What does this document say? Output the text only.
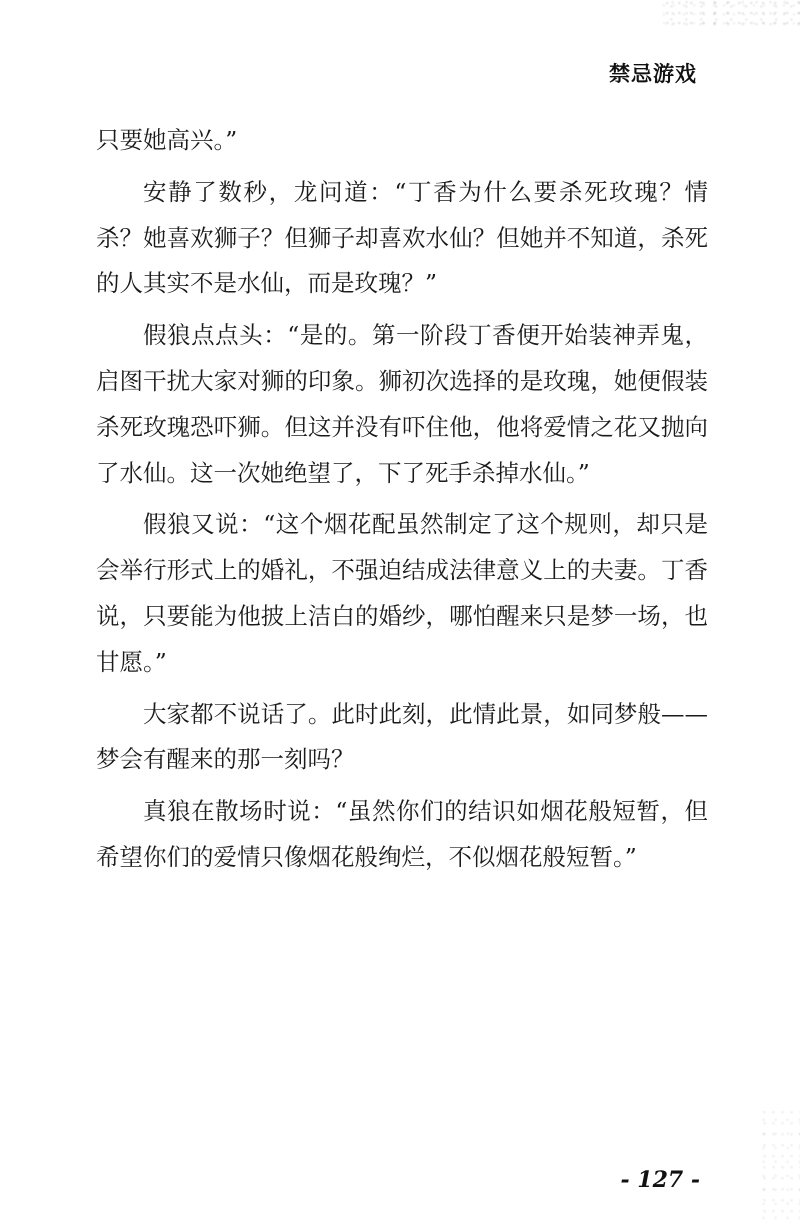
禁忌游戏

只要她高兴。”

安静了数秒，龙问道：“丁香为什么要杀死玫瑰？情杀？她喜欢狮子？但狮子却喜欢水仙？但她并不知道，杀死的人其实不是水仙，而是玫瑰？”

假狼点点头：“是的。第一阶段丁香便开始装神弄鬼，启图干扰大家对狮的印象。狮初次选择的是玫瑰，她便假装杀死玫瑰恐吓狮。但这并没有吓住他，他将爱情之花又抛向了水仙。这一次她绝望了，下了死手杀掉水仙。”

假狼又说：“这个烟花配虽然制定了这个规则，却只是会举行形式上的婚礼，不强迫结成法律意义上的夫妻。丁香说，只要能为他披上洁白的婚纱，哪怕醒来只是梦一场，也甘愿。”

大家都不说话了。此时此刻，此情此景，如同梦般——梦会有醒来的那一刻吗？

真狼在散场时说：“虽然你们的结识如烟花般短暂，但希望你们的爱情只像烟花般绚烂，不似烟花般短暂。”

- 127 -
